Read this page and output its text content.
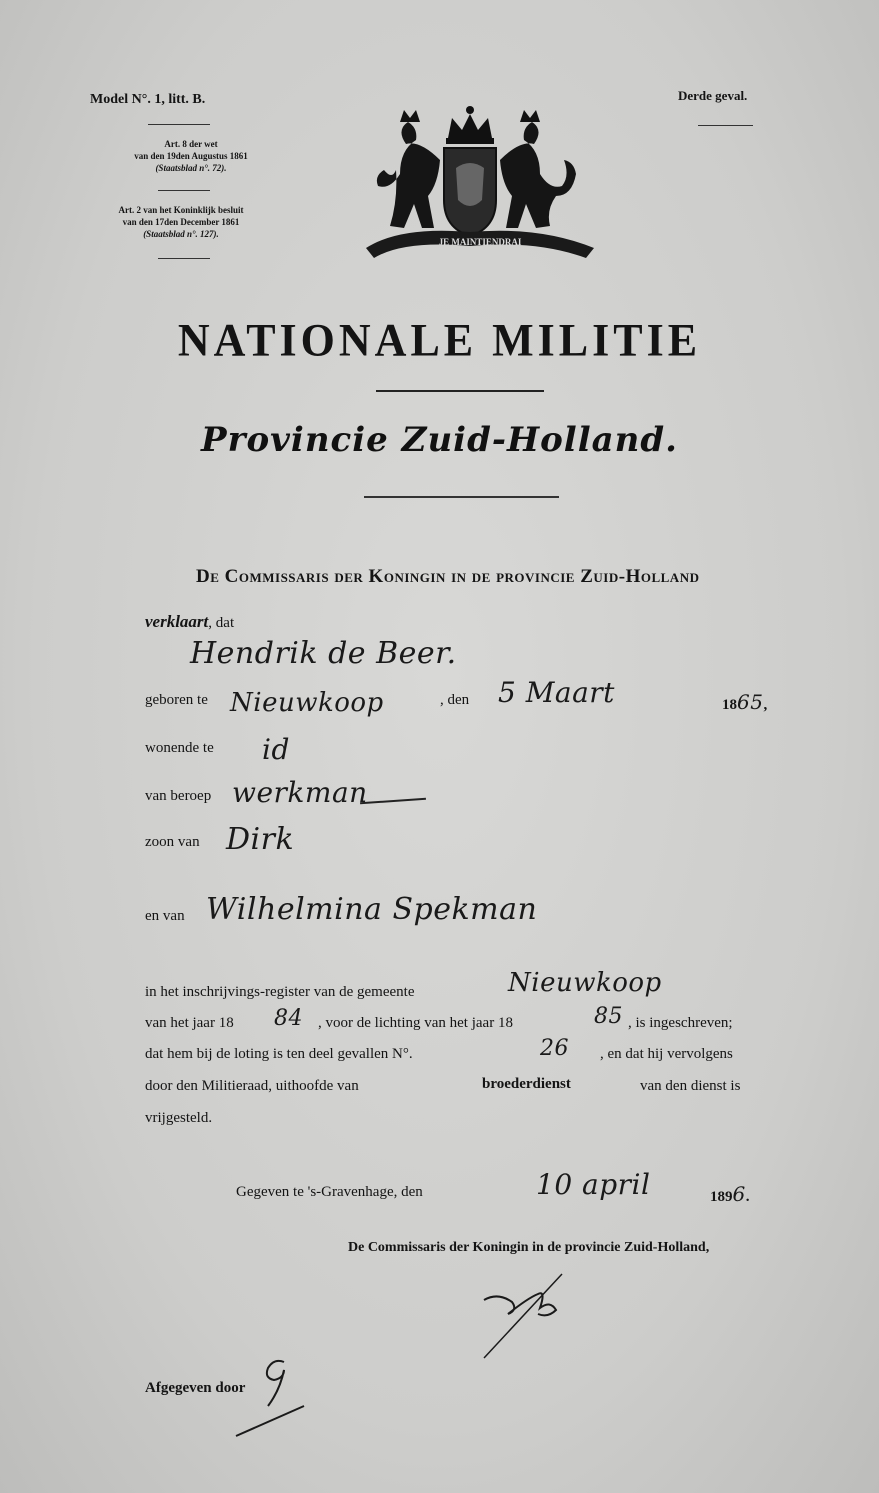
Model N°. 1, litt. B.
Art. 8 der wet
van den 19den Augustus 1861
(Staatsblad n°. 72).
Art. 2 van het Koninklijk besluit
van den 17den December 1861
(Staatsblad n°. 127).
Derde geval.
JE MAINTIENDRAI
NATIONALE MILITIE
Provincie Zuid-Holland.
De Commissaris der Koningin in de provincie Zuid-Holland
verklaart, dat
Hendrik de Beer.
geboren te Nieuwkoop	, den 5 Maart	1865,
wonende te id
van beroep werkman
zoon van Dirk
en van Wilhelmina Spekman
in het inschrijvings-register van de gemeente	Nieuwkoop
van het jaar 18 84 , voor de lichting van het jaar 18	85 , is ingeschreven;
dat hem bij de loting is ten deel gevallen N°.	26 , en dat hij vervolgens
door den Militieraad, uithoofde van	broederdienst	van den dienst is
vrijgesteld.
Gegeven te 's-Gravenhage, den	10 april	1896.
De Commissaris der Koningin in de provincie Zuid-Holland,
Afgegeven door
